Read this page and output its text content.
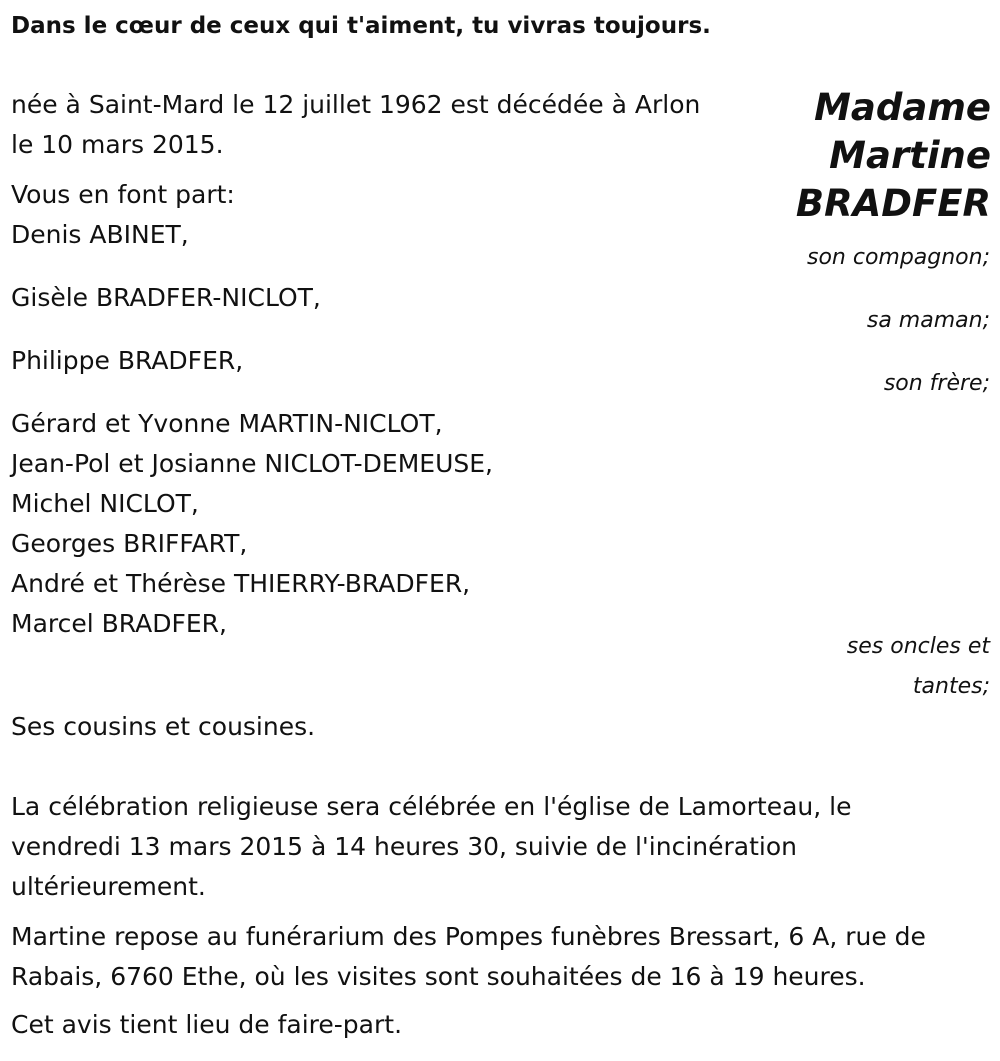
Dans le cœur de ceux qui t'aiment, tu vivras toujours.

Madame
Martine
BRADFER

née à Saint-Mard le 12 juillet 1962 est décédée à Arlon

le 10 mars 2015.

Vous en font part:

Denis ABINET,

son compagnon;

Gisèle BRADFER-NICLOT,

sa maman;

Philippe BRADFER,

son frère;

Gérard et Yvonne MARTIN-NICLOT,

Jean-Pol et Josianne NICLOT-DEMEUSE,

Michel NICLOT,

Georges BRIFFART,

André et Thérèse THIERRY-BRADFER,

Marcel BRADFER,

ses oncles et
tantes;

Ses cousins et cousines.

La célébration religieuse sera célébrée en l'église de Lamorteau, le

vendredi 13 mars 2015 à 14 heures 30, suivie de l'incinération

ultérieurement.

Martine repose au funérarium des Pompes funèbres Bressart, 6 A, rue de

Rabais, 6760 Ethe, où les visites sont souhaitées de 16 à 19 heures.

Cet avis tient lieu de faire-part.
